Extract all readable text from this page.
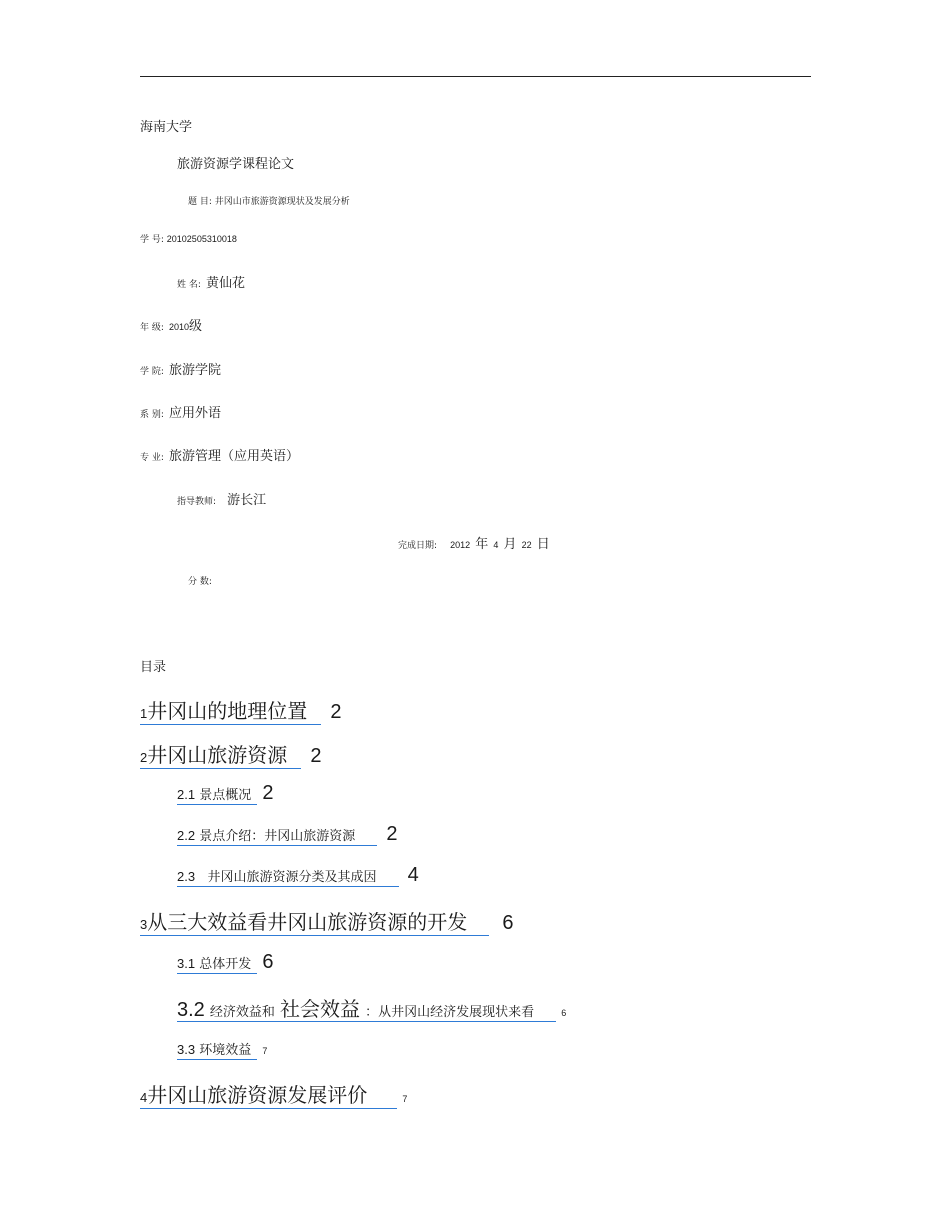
海南大学
旅游资源学课程论文
题 目: 井冈山市旅游资源现状及发展分析
学 号: 20102505310018
姓 名: 黄仙花
年 级: 2010级
学 院: 旅游学院
系 别: 应用外语
专 业: 旅游管理（应用英语）
指导教师: 游长江
完成日期: 2012 年 4 月 22 日
分 数:
目录
1井冈山的地理位置 2
2井冈山旅游资源 2
2.1 景点概况 2
2.2 景点介绍：井冈山旅游资源 2
2.3 井冈山旅游资源分类及其成因 4
3从三大效益看井冈山旅游资源的开发 6
3.1 总体开发 6
3.2 经济效益和 社会效益 ：从井冈山经济发展现状来看	6
3.3 环境效益 7
4井冈山旅游资源发展评价	7
